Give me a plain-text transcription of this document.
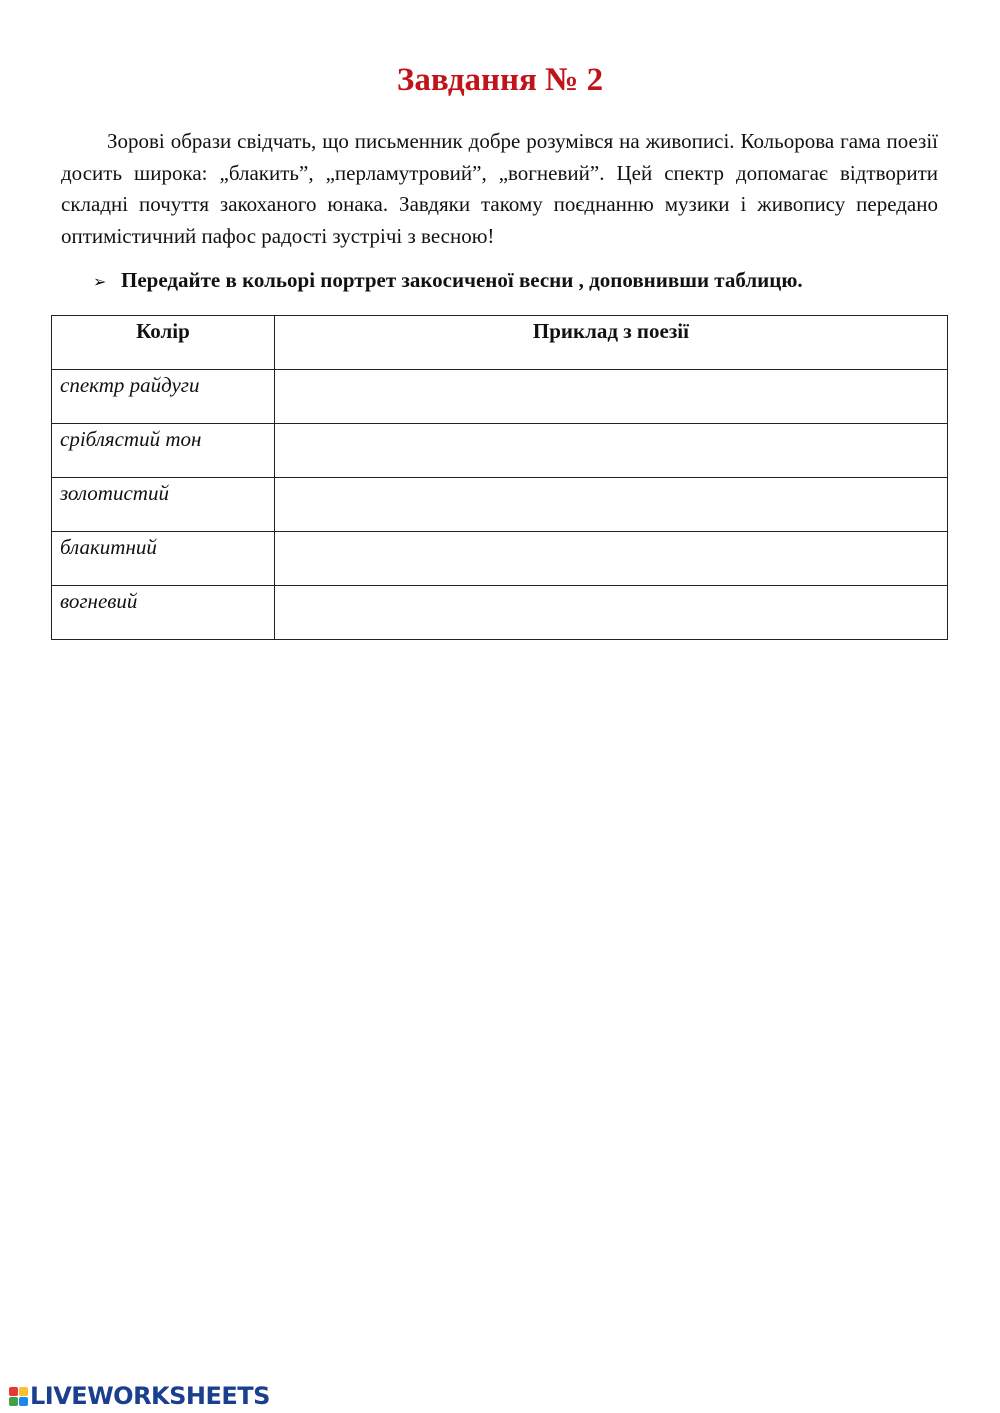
Завдання № 2

Зорові образи свідчать, що письменник добре розумівся на живописі. Кольорова гама поезії досить широка: „блакить”, „перламутровий”, „вогневий”. Цей спектр допомагає відтворити складні почуття закоханого юнака. Завдяки такому поєднанню музики і живопису передано оптимістичний пафос радості зустрічі з весною!

➢ Передайте в кольорі портрет закосиченої весни , доповнивши таблицю.
Колір	Приклад з поезії
спектр райдуги	
сріблястий тон	
золотистий	
блакитний	
вогневий	
LIVEWORKSHEETS
